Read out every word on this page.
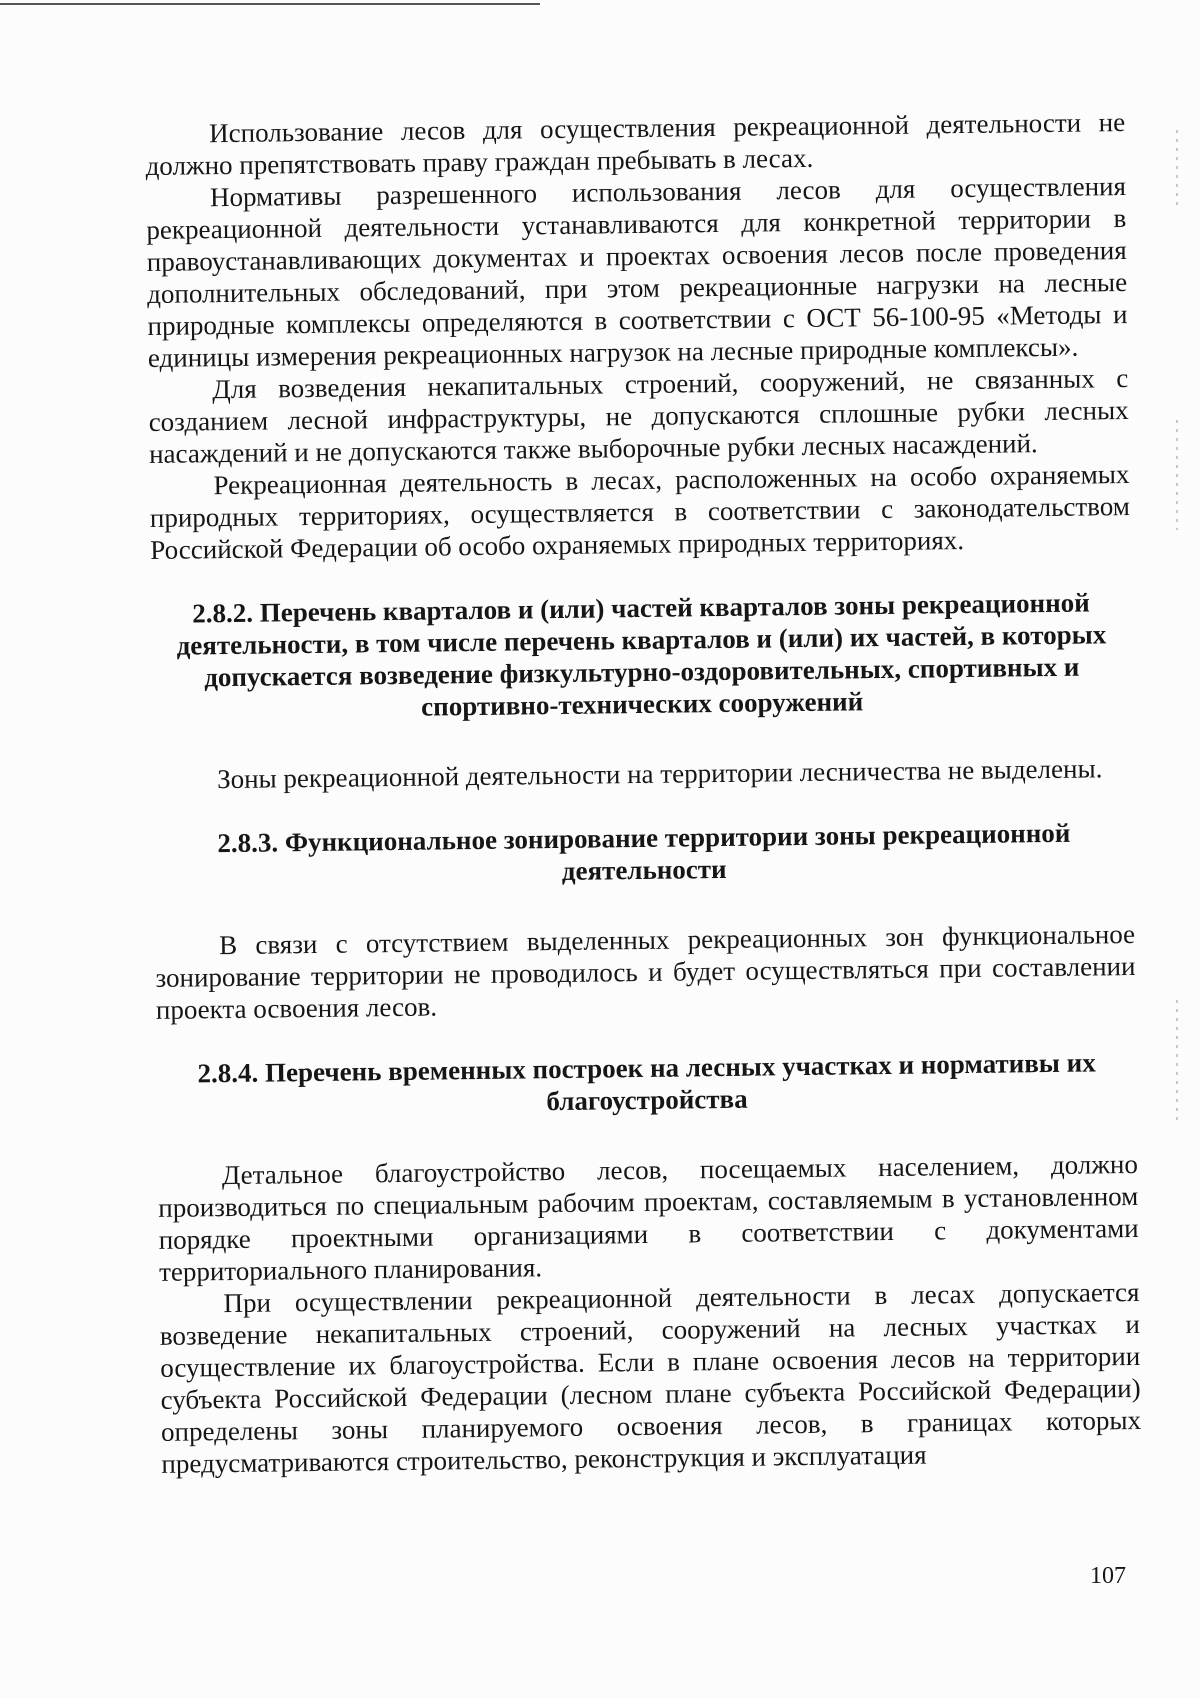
Использование лесов для осуществления рекреационной деятельности не должно препятствовать праву граждан пребывать в лесах.

Нормативы разрешенного использования лесов для осуществления рекреационной деятельности устанавливаются для конкретной территории в правоустанавливающих документах и проектах освоения лесов после проведения дополнительных обследований, при этом рекреационные нагрузки на лесные природные комплексы определяются в соответствии с ОСТ 56-100-95 «Методы и единицы измерения рекреационных нагрузок на лесные природные комплексы».

Для возведения некапитальных строений, сооружений, не связанных с созданием лесной инфраструктуры, не допускаются сплошные рубки лесных насаждений и не допускаются также выборочные рубки лесных насаждений.

Рекреационная деятельность в лесах, расположенных на особо охраняемых природных территориях, осуществляется в соответствии с законодательством Российской Федерации об особо охраняемых природных территориях.

2.8.2. Перечень кварталов и (или) частей кварталов зоны рекреационной деятельности, в том числе перечень кварталов и (или) их частей, в которых допускается возведение физкультурно-оздоровительных, спортивных и спортивно-технических сооружений

Зоны рекреационной деятельности на территории лесничества не выделены.

2.8.3. Функциональное зонирование территории зоны рекреационной деятельности

В связи с отсутствием выделенных рекреационных зон функциональное зонирование территории не проводилось и будет осуществляться при составлении проекта освоения лесов.

2.8.4. Перечень временных построек на лесных участках и нормативы их благоустройства

Детальное благоустройство лесов, посещаемых населением, должно производиться по специальным рабочим проектам, составляемым в установленном порядке проектными организациями в соответствии с документами территориального планирования.

При осуществлении рекреационной деятельности в лесах допускается возведение некапитальных строений, сооружений на лесных участках и осуществление их благоустройства. Если в плане освоения лесов на территории субъекта Российской Федерации (лесном плане субъекта Российской Федерации) определены зоны планируемого освоения лесов, в границах которых предусматриваются строительство, реконструкция и эксплуатация

107
